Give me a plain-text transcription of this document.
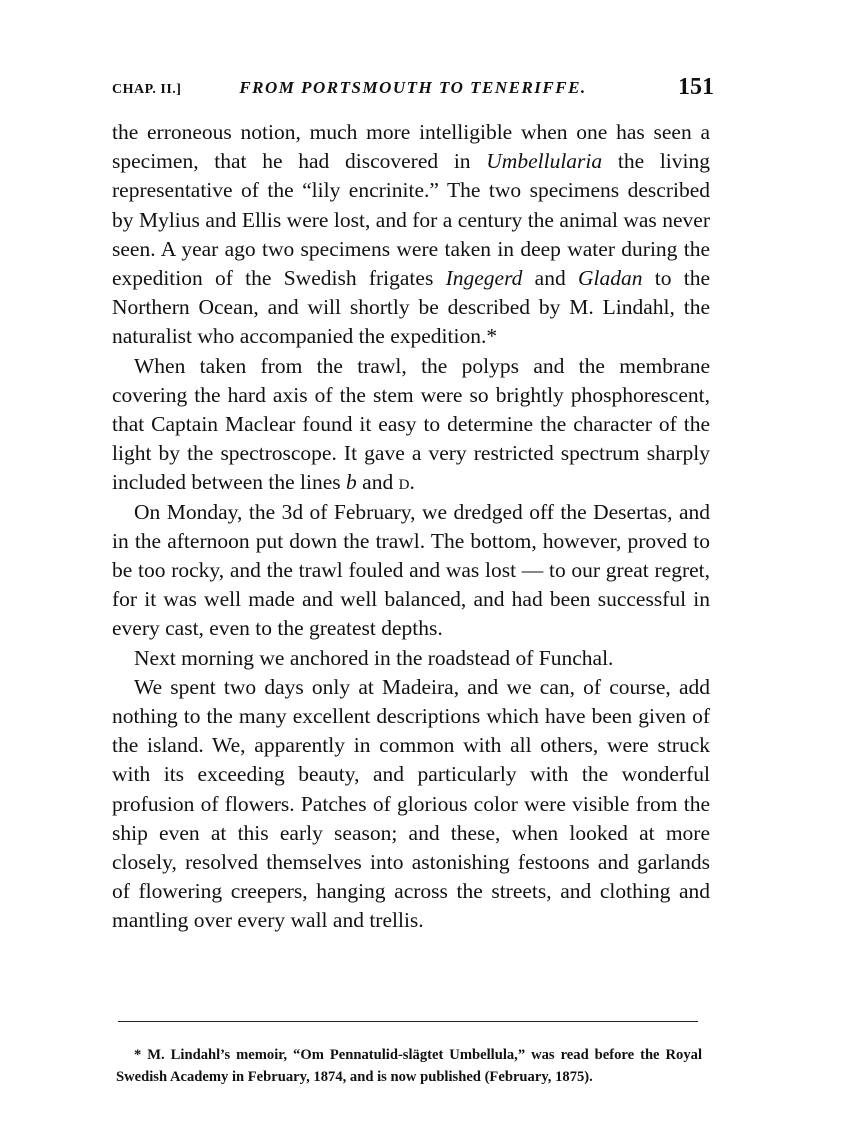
CHAP. II.]	FROM PORTSMOUTH TO TENERIFFE.	151

the erroneous notion, much more intelligible when one has seen a specimen, that he had discovered in Umbellularia the living representative of the “lily encrinite.” The two specimens described by Mylius and Ellis were lost, and for a century the animal was never seen. A year ago two specimens were taken in deep water during the expedition of the Swedish frigates Ingegerd and Gladan to the Northern Ocean, and will shortly be described by M. Lindahl, the naturalist who accompanied the expedition.*

When taken from the trawl, the polyps and the membrane covering the hard axis of the stem were so brightly phosphorescent, that Captain Maclear found it easy to determine the character of the light by the spectroscope. It gave a very restricted spectrum sharply included between the lines b and d.

On Monday, the 3d of February, we dredged off the Desertas, and in the afternoon put down the trawl. The bottom, however, proved to be too rocky, and the trawl fouled and was lost — to our great regret, for it was well made and well balanced, and had been successful in every cast, even to the greatest depths.

Next morning we anchored in the roadstead of Funchal.

We spent two days only at Madeira, and we can, of course, add nothing to the many excellent descriptions which have been given of the island. We, apparently in common with all others, were struck with its exceeding beauty, and particularly with the wonderful profusion of flowers. Patches of glorious color were visible from the ship even at this early season; and these, when looked at more closely, resolved themselves into astonishing festoons and garlands of flowering creepers, hanging across the streets, and clothing and mantling over every wall and trellis.

* M. Lindahl’s memoir, “Om Pennatulid-slägtet Umbellula,” was read before the Royal Swedish Academy in February, 1874, and is now published (February, 1875).
